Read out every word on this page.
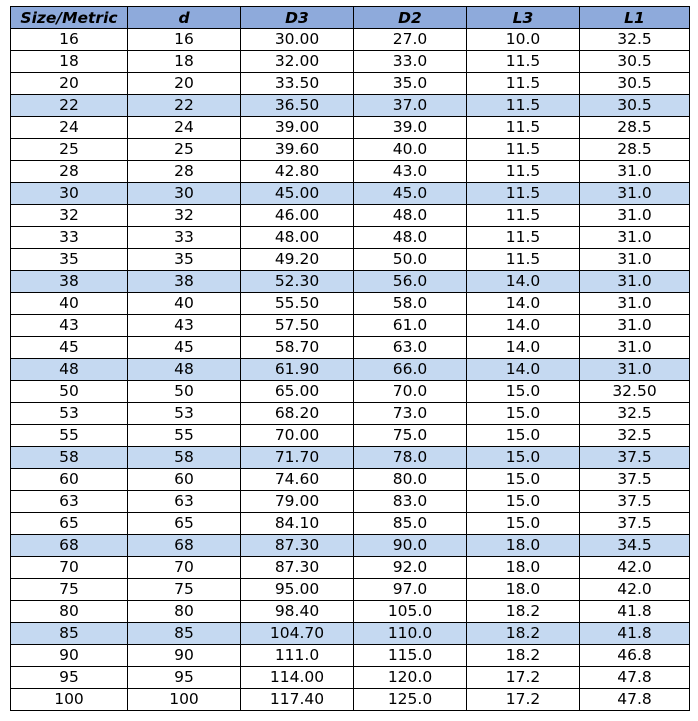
Size/Metric	d	D3	D2	L3	L1
16	16	30.00	27.0	10.0	32.5
18	18	32.00	33.0	11.5	30.5
20	20	33.50	35.0	11.5	30.5
22	22	36.50	37.0	11.5	30.5
24	24	39.00	39.0	11.5	28.5
25	25	39.60	40.0	11.5	28.5
28	28	42.80	43.0	11.5	31.0
30	30	45.00	45.0	11.5	31.0
32	32	46.00	48.0	11.5	31.0
33	33	48.00	48.0	11.5	31.0
35	35	49.20	50.0	11.5	31.0
38	38	52.30	56.0	14.0	31.0
40	40	55.50	58.0	14.0	31.0
43	43	57.50	61.0	14.0	31.0
45	45	58.70	63.0	14.0	31.0
48	48	61.90	66.0	14.0	31.0
50	50	65.00	70.0	15.0	32.50
53	53	68.20	73.0	15.0	32.5
55	55	70.00	75.0	15.0	32.5
58	58	71.70	78.0	15.0	37.5
60	60	74.60	80.0	15.0	37.5
63	63	79.00	83.0	15.0	37.5
65	65	84.10	85.0	15.0	37.5
68	68	87.30	90.0	18.0	34.5
70	70	87.30	92.0	18.0	42.0
75	75	95.00	97.0	18.0	42.0
80	80	98.40	105.0	18.2	41.8
85	85	104.70	110.0	18.2	41.8
90	90	111.0	115.0	18.2	46.8
95	95	114.00	120.0	17.2	47.8
100	100	117.40	125.0	17.2	47.8
